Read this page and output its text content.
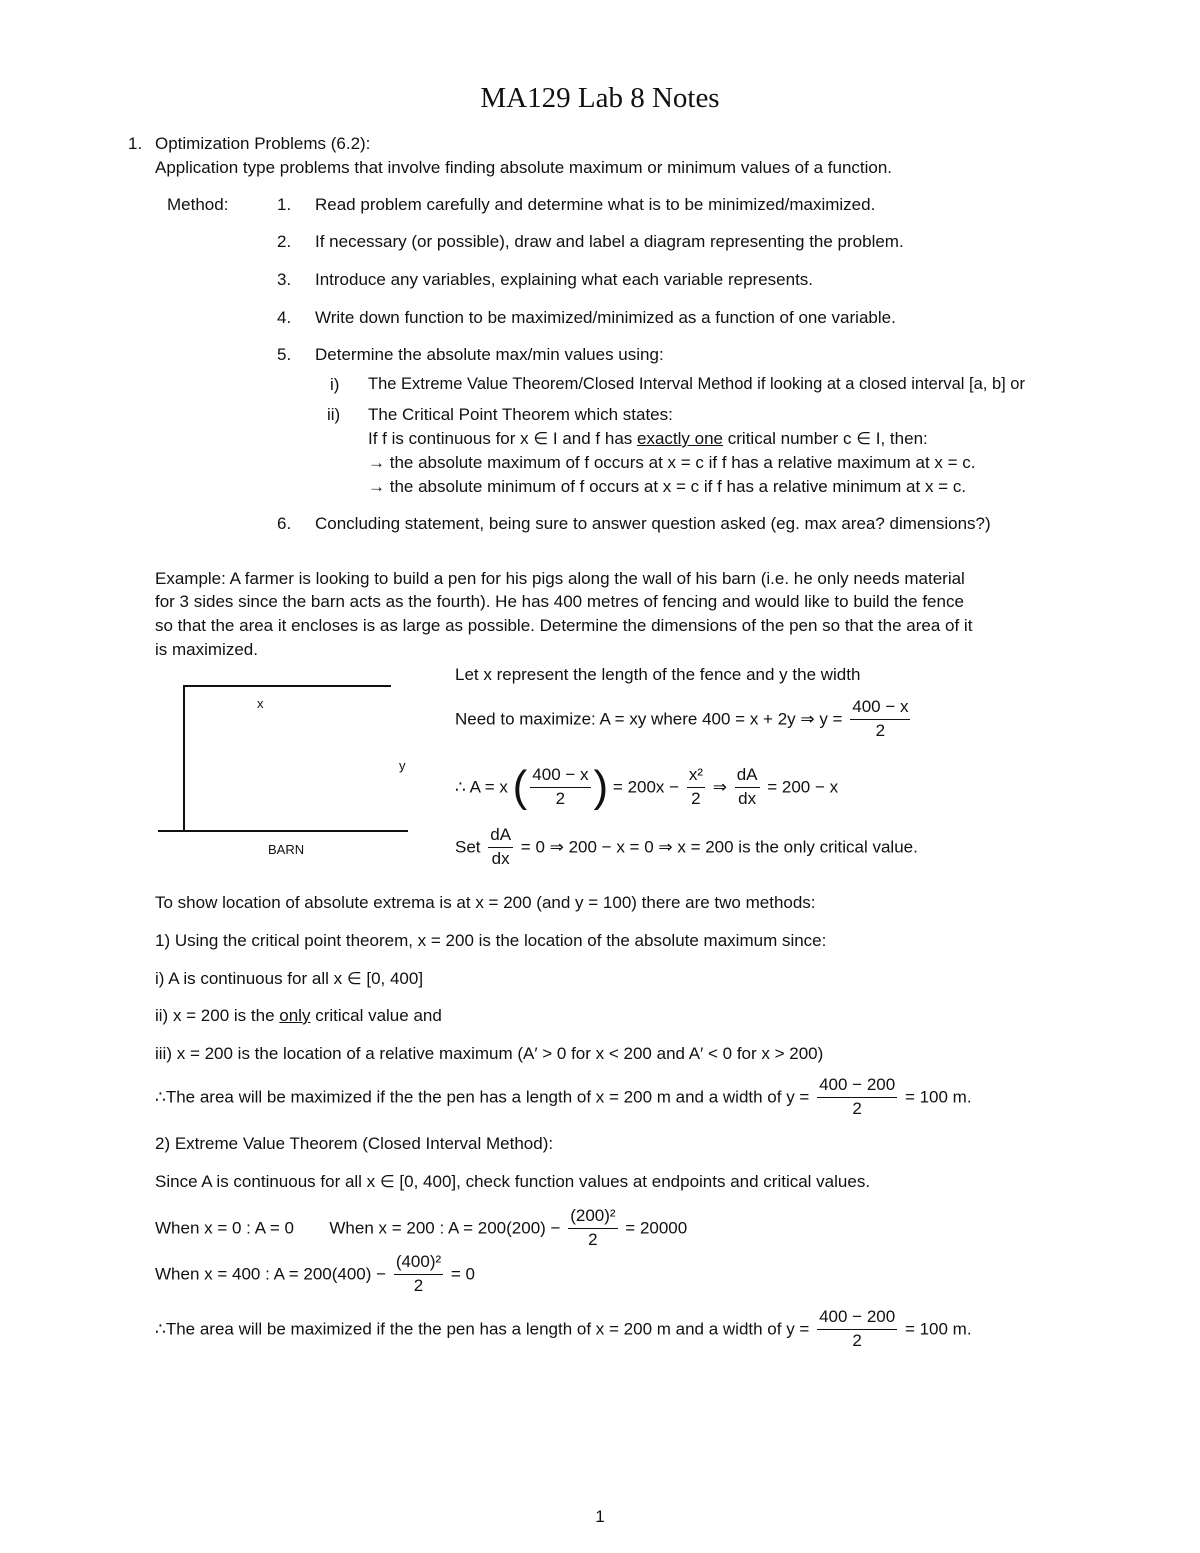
MA129 Lab 8 Notes
1. Optimization Problems (6.2):
Application type problems that involve finding absolute maximum or minimum values of a function.
Method:	1. Read problem carefully and determine what is to be minimized/maximized.
2. If necessary (or possible), draw and label a diagram representing the problem.
3. Introduce any variables, explaining what each variable represents.
4. Write down function to be maximized/minimized as a function of one variable.
5. Determine the absolute max/min values using:
i) The Extreme Value Theorem/Closed Interval Method if looking at a closed interval [a, b] or
ii) The Critical Point Theorem which states:
If f is continuous for x ∈ I and f has exactly one critical number c ∈ I, then:
→ the absolute maximum of f occurs at x = c if f has a relative maximum at x = c.
→ the absolute minimum of f occurs at x = c if f has a relative minimum at x = c.
6. Concluding statement, being sure to answer question asked (eg. max area? dimensions?)
Example: A farmer is looking to build a pen for his pigs along the wall of his barn (i.e. he only needs material
for 3 sides since the barn acts as the fourth). He has 400 metres of fencing and would like to build the fence
so that the area it encloses is as large as possible. Determine the dimensions of the pen so that the area of it
is maximized.
x
y
BARN
Let x represent the length of the fence and y the width
Need to maximize: A = xy where 400 = x + 2y ⇒ $y = \frac{400 - x}{2}$
∴ A = x ( $\frac{400 - x}{2}$ ) = $200x - \frac{\text{x²}}{2}$ ⇒ $\frac{dA}{dx} = 200 - x$
Set $\frac{dA}{dx} = 0$ ⇒ 200 − x = 0 ⇒ x = 200 is the only critical value.
To show location of absolute extrema is at x = 200 (and y = 100) there are two methods:
1) Using the critical point theorem, x = 200 is the location of the absolute maximum since:
i) A is continuous for all x ∈ [0, 400]
ii) x = 200 is the only critical value and
iii) x = 200 is the location of a relative maximum (A′ > 0 for x < 200 and A′ < 0 for x > 200)
∴The area will be maximized if the the pen has a length of x = 200 m and a width of $y = \frac{400 - 200}{2} = 100$ m.
2) Extreme Value Theorem (Closed Interval Method):
Since A is continuous for all x ∈ [0, 400], check function values at endpoints and critical values.
When x = 0 : A = 0 When x = 200 : $A = 200(200) - \frac{\text{(200)²}}{2} = 20000$
When x = 400 : $A = 200(400) - \frac{\text{(400)²}}{2} = 0$
∴The area will be maximized if the the pen has a length of x = 200 m and a width of $y = \frac{400 - 200}{2} = 100$ m.
1
